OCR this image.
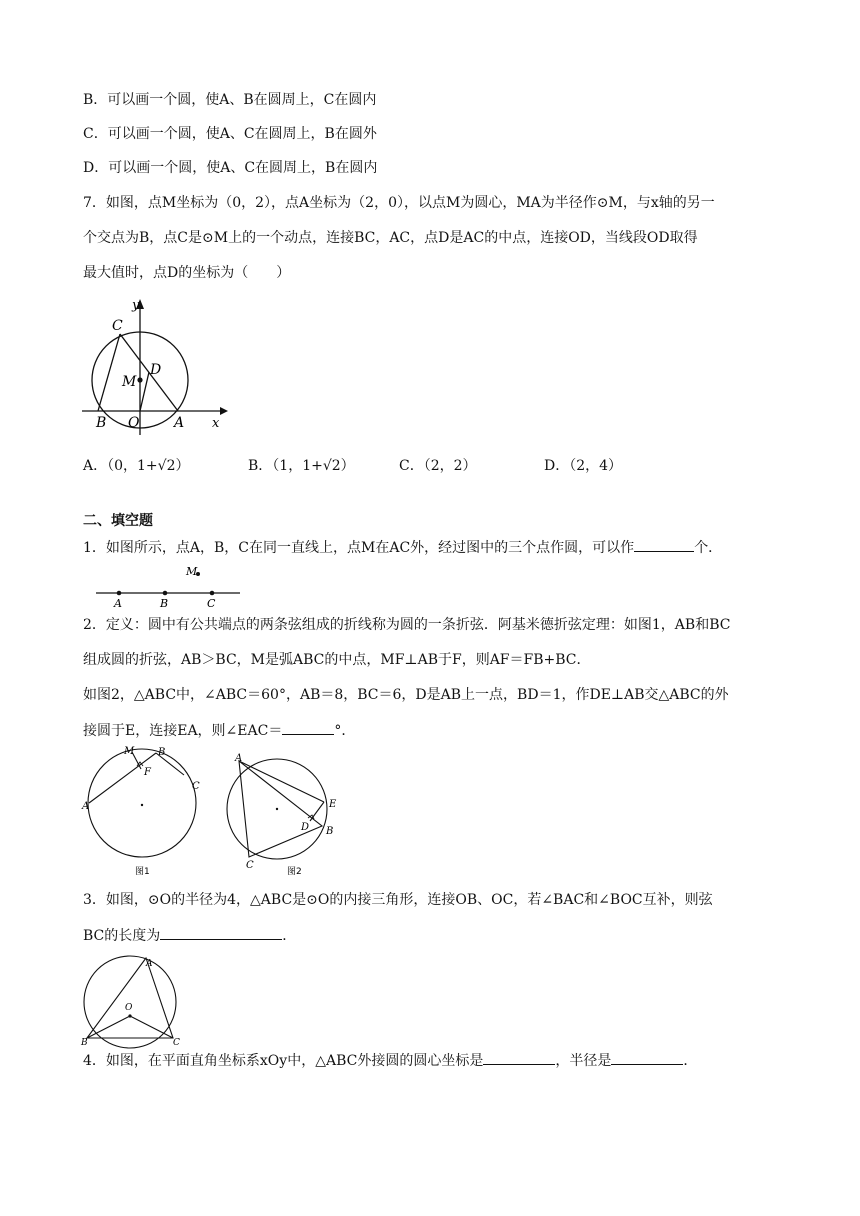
B．可以画一个圆，使A、B在圆周上，C在圆内
C．可以画一个圆，使A、C在圆周上，B在圆外
D．可以画一个圆，使A、C在圆周上，B在圆内
7．如图，点M坐标为（0，2），点A坐标为（2，0），以点M为圆心，MA为半径作⊙M，与x轴的另一
个交点为B，点C是⊙M上的一个动点，连接BC，AC，点D是AC的中点，连接OD，当线段OD取得
最大值时，点D的坐标为（　　）
y
x
C
M
D
B O A
A．（0，1+√2）	B．（1，1+√2）	C．（2，2）	D．（2，4）
二、填空题
1．如图所示，点A，B，C在同一直线上，点M在AC外，经过图中的三个点作圆，可以作	个．
M
A	B	C
2．定义：圆中有公共端点的两条弦组成的折线称为圆的一条折弦．阿基米德折弦定理：如图1，AB和BC
组成圆的折弦，AB＞BC，M是弧ABC的中点，MF⊥AB于F，则AF＝FB+BC．
如图2，△ABC中，∠ABC＝60°，AB＝8，BC＝6，D是AB上一点，BD＝1，作DE⊥AB交△ABC的外
接圆于E，连接EA，则∠EAC＝	°．
M B
F
C
A
图1
A
E
D B
C
图2
3．如图，⊙O的半径为4，△ABC是⊙O的内接三角形，连接OB、OC，若∠BAC和∠BOC互补，则弦
BC的长度为	．
A
O
B	C
4．如图，在平面直角坐标系xOy中，△ABC外接圆的圆心坐标是	，半径是	．
